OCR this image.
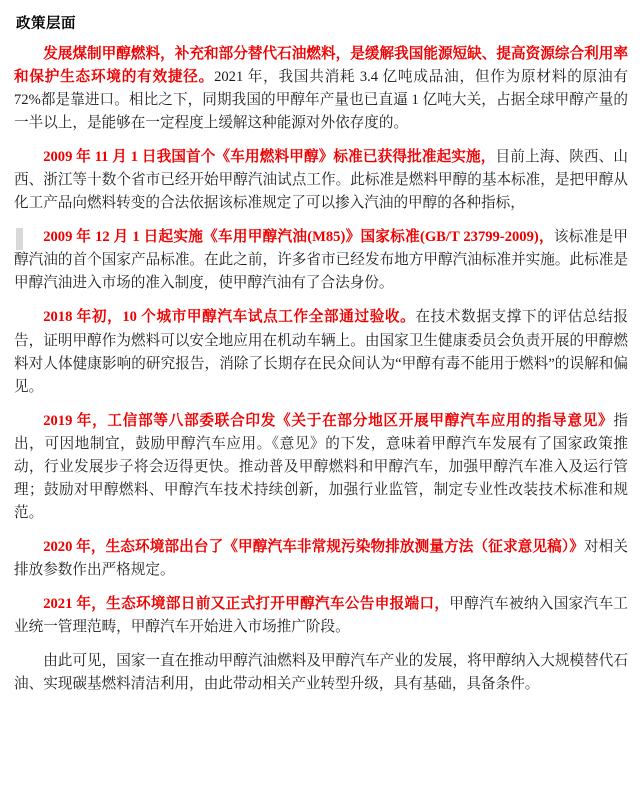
政策层面
发展煤制甲醇燃料，补充和部分替代石油燃料，是缓解我国能源短缺、提高资源综合利用率和保护生态环境的有效捷径。2021 年，我国共消耗 3.4 亿吨成品油，但作为原材料的原油有 72%都是靠进口。相比之下，同期我国的甲醇年产量也已直逼 1 亿吨大关，占据全球甲醇产量的一半以上，是能够在一定程度上缓解这种能源对外依存度的。
2009 年 11 月 1 日我国首个《车用燃料甲醇》标准已获得批准起实施，目前上海、陕西、山西、浙江等十数个省市已经开始甲醇汽油试点工作。此标准是燃料甲醇的基本标准，是把甲醇从化工产品向燃料转变的合法依据该标准规定了可以掺入汽油的甲醇的各种指标，
2009 年 12 月 1 日起实施《车用甲醇汽油(M85)》国家标准(GB/T 23799-2009)，该标准是甲醇汽油的首个国家产品标准。在此之前，许多省市已经发布地方甲醇汽油标准并实施。此标准是甲醇汽油进入市场的准入制度，使甲醇汽油有了合法身份。
2018 年初，10 个城市甲醇汽车试点工作全部通过验收。在技术数据支撑下的评估总结报告，证明甲醇作为燃料可以安全地应用在机动车辆上。由国家卫生健康委员会负责开展的甲醇燃料对人体健康影响的研究报告，消除了长期存在民众间认为“甲醇有毒不能用于燃料”的误解和偏见。
2019 年，工信部等八部委联合印发《关于在部分地区开展甲醇汽车应用的指导意见》指出，可因地制宜，鼓励甲醇汽车应用。《意见》的下发，意味着甲醇汽车发展有了国家政策推动，行业发展步子将会迈得更快。推动普及甲醇燃料和甲醇汽车，加强甲醇汽车准入及运行管理；鼓励对甲醇燃料、甲醇汽车技术持续创新，加强行业监管，制定专业性改装技术标准和规范。
2020 年，生态环境部出台了《甲醇汽车非常规污染物排放测量方法（征求意见稿）》对相关排放参数作出严格规定。
2021 年，生态环境部日前又正式打开甲醇汽车公告申报端口，甲醇汽车被纳入国家汽车工业统一管理范畴，甲醇汽车开始进入市场推广阶段。
由此可见，国家一直在推动甲醇汽油燃料及甲醇汽车产业的发展，将甲醇纳入大规模替代石油、实现碳基燃料清洁利用，由此带动相关产业转型升级，具有基础，具备条件。
